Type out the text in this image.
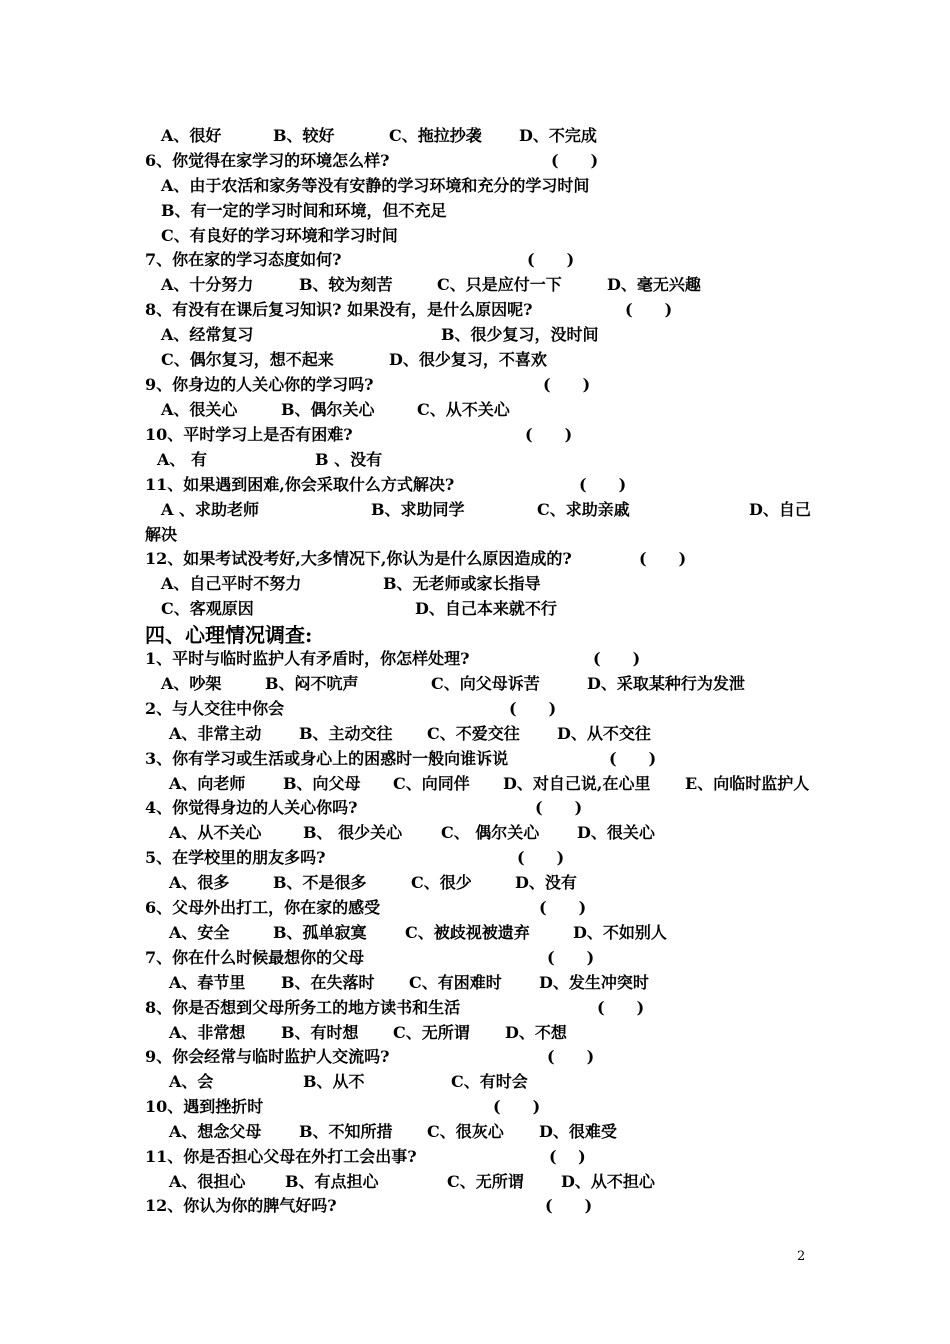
A、很好	B、较好	C、拖拉抄袭 D、不完成
6、你觉得在家学习的环境怎么样?	(　　)
A、由于农活和家务等没有安静的学习环境和充分的学习时间
B、有一定的学习时间和环境，但不充足
C、有良好的学习环境和学习时间
7、你在家的学习态度如何?	(　　)
A、十分努力	B、较为刻苦	C、只是应付一下	D、毫无兴趣
8、有没有在课后复习知识? 如果没有，是什么原因呢?	(　　)
A、经常复习	B、很少复习，没时间
C、偶尔复习，想不起来	D、很少复习，不喜欢
9、你身边的人关心你的学习吗?	(　　)
A、很关心	B、偶尔关心	C、从不关心
10、平时学习上是否有困难?	(　　)
A、 有	B 、没有
11、如果遇到困难,你会采取什么方式解决?	(　　)
A 、求助老师	B、求助同学	C、求助亲戚	D、自己
解决
12、如果考试没考好,大多情况下,你认为是什么原因造成的?	(　　)
A、自己平时不努力	B、无老师或家长指导
C、客观原因	D、自己本来就不行
四、心理情况调查:
1、平时与临时监护人有矛盾时，你怎样处理?	(　　)
A、吵架	B、闷不吭声	C、向父母诉苦	D、采取某种行为发泄
2、与人交往中你会	(　　)
A、非常主动 B、主动交往 C、不爱交往 D、从不交往
3、你有学习或生活或身心上的困惑时一般向谁诉说	(　　)
A、向老师 B、向父母 C、向同伴 D、对自己说,在心里 E、向临时监护人
4、你觉得身边的人关心你吗?	(　　)
A、从不关心	B、 很少关心 C、 偶尔关心 D、很关心
5、在学校里的朋友多吗?	(　　)
A、很多	B、不是很多	C、很少	D、没有
6、父母外出打工，你在家的感受	(　　)
A、安全	B、孤单寂寞 C、被歧视被遗弃	D、不如别人
7、你在什么时候最想你的父母	(　　)
A、春节里 B、在失落时 C、有困难时 D、发生冲突时
8、你是否想到父母所务工的地方读书和生活	(　　)
A、非常想 B、有时想 C、无所谓 D、不想
9、你会经常与临时监护人交流吗?	(　　)
A、会	B、从不	C、有时会
10、遇到挫折时	(　　)
A、想念父母 B、不知所措 C、很灰心 D、很难受
11、你是否担心父母在外打工会出事?	(　 )
A、很担心 B、有点担心	C、无所谓 D、从不担心
12、你认为你的脾气好吗?	(　　)
2
